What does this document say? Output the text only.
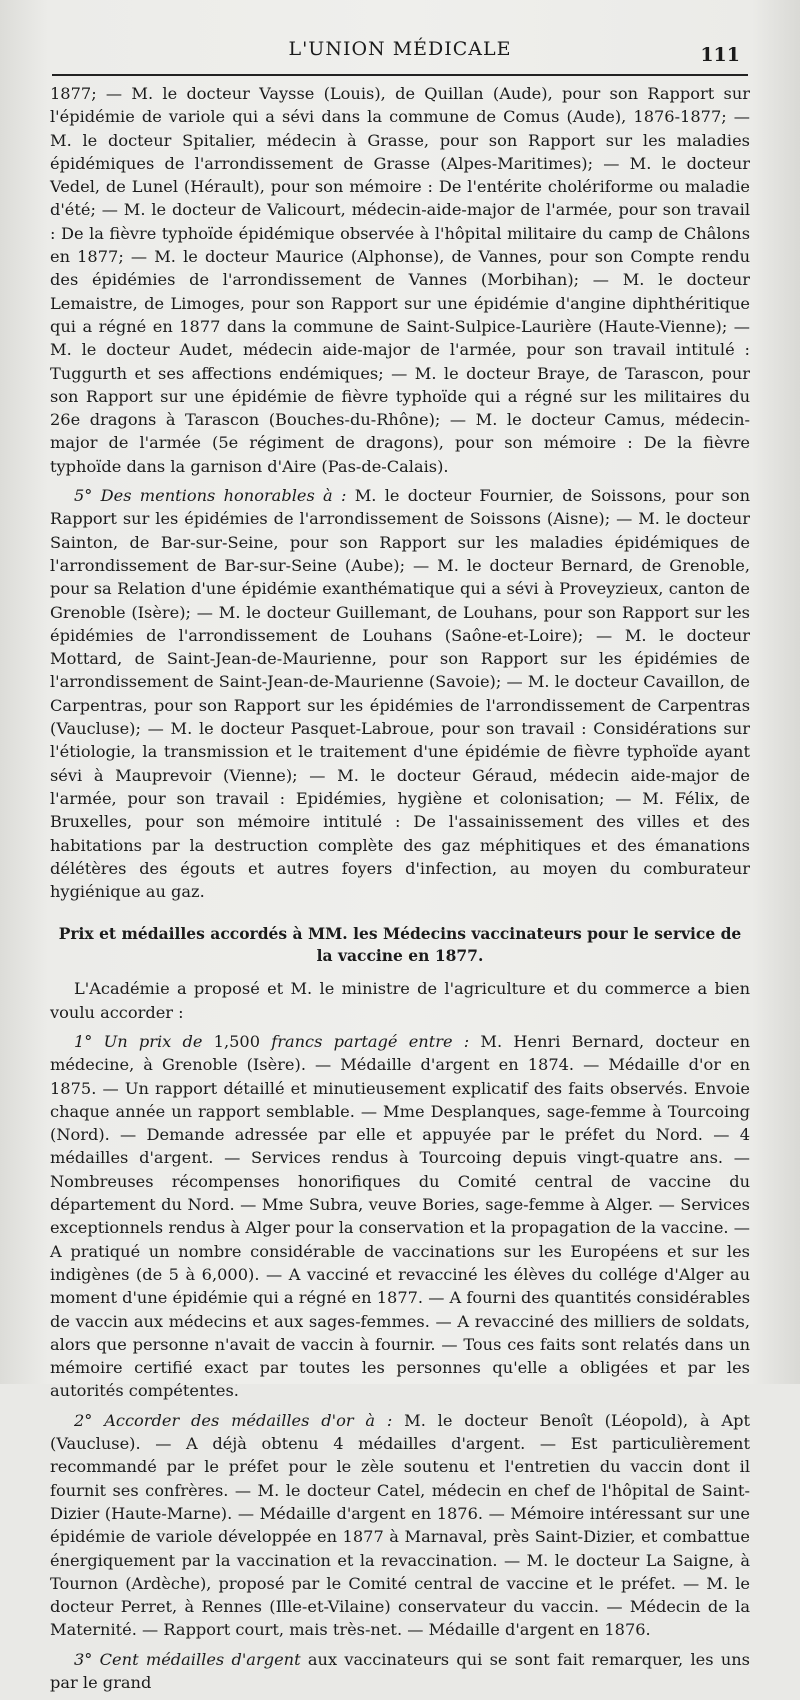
L'UNION MÉDICALE	111

1877; — M. le docteur Vaysse (Louis), de Quillan (Aude), pour son Rapport sur l'épidémie de variole qui a sévi dans la commune de Comus (Aude), 1876-1877; — M. le docteur Spitalier, médecin à Grasse, pour son Rapport sur les maladies épidémiques de l'arrondissement de Grasse (Alpes-Maritimes); — M. le docteur Vedel, de Lunel (Hérault), pour son mémoire : De l'entérite cholériforme ou maladie d'été; — M. le docteur de Valicourt, médecin-aide-major de l'armée, pour son travail : De la fièvre typhoïde épidémique observée à l'hôpital militaire du camp de Châlons en 1877; — M. le docteur Maurice (Alphonse), de Vannes, pour son Compte rendu des épidémies de l'arrondissement de Vannes (Morbihan); — M. le docteur Lemaistre, de Limoges, pour son Rapport sur une épidémie d'angine diphthéritique qui a régné en 1877 dans la commune de Saint-Sulpice-Laurière (Haute-Vienne); — M. le docteur Audet, médecin aide-major de l'armée, pour son travail intitulé : Tuggurth et ses affections endémiques; — M. le docteur Braye, de Tarascon, pour son Rapport sur une épidémie de fièvre typhoïde qui a régné sur les militaires du 26e dragons à Tarascon (Bouches-du-Rhône); — M. le docteur Camus, médecin-major de l'armée (5e régiment de dragons), pour son mémoire : De la fièvre typhoïde dans la garnison d'Aire (Pas-de-Calais).

5° Des mentions honorables à : M. le docteur Fournier, de Soissons, pour son Rapport sur les épidémies de l'arrondissement de Soissons (Aisne); — M. le docteur Sainton, de Bar-sur-Seine, pour son Rapport sur les maladies épidémiques de l'arrondissement de Bar-sur-Seine (Aube); — M. le docteur Bernard, de Grenoble, pour sa Relation d'une épidémie exanthématique qui a sévi à Proveyzieux, canton de Grenoble (Isère); — M. le docteur Guillemant, de Louhans, pour son Rapport sur les épidémies de l'arrondissement de Louhans (Saône-et-Loire); — M. le docteur Mottard, de Saint-Jean-de-Maurienne, pour son Rapport sur les épidémies de l'arrondissement de Saint-Jean-de-Maurienne (Savoie); — M. le docteur Cavaillon, de Carpentras, pour son Rapport sur les épidémies de l'arrondissement de Carpentras (Vaucluse); — M. le docteur Pasquet-Labroue, pour son travail : Considérations sur l'étiologie, la transmission et le traitement d'une épidémie de fièvre typhoïde ayant sévi à Mauprevoir (Vienne); — M. le docteur Géraud, médecin aide-major de l'armée, pour son travail : Epidémies, hygiène et colonisation; — M. Félix, de Bruxelles, pour son mémoire intitulé : De l'assainissement des villes et des habitations par la destruction complète des gaz méphitiques et des émanations délétères des égouts et autres foyers d'infection, au moyen du comburateur hygiénique au gaz.

Prix et médailles accordés à MM. les Médecins vaccinateurs pour le service de la vaccine en 1877.

L'Académie a proposé et M. le ministre de l'agriculture et du commerce a bien voulu accorder :

1° Un prix de 1,500 francs partagé entre : M. Henri Bernard, docteur en médecine, à Grenoble (Isère). — Médaille d'argent en 1874. — Médaille d'or en 1875. — Un rapport détaillé et minutieusement explicatif des faits observés. Envoie chaque année un rapport semblable. — Mme Desplanques, sage-femme à Tourcoing (Nord). — Demande adressée par elle et appuyée par le préfet du Nord. — 4 médailles d'argent. — Services rendus à Tourcoing depuis vingt-quatre ans. — Nombreuses récompenses honorifiques du Comité central de vaccine du département du Nord. — Mme Subra, veuve Bories, sage-femme à Alger. — Services exceptionnels rendus à Alger pour la conservation et la propagation de la vaccine. — A pratiqué un nombre considérable de vaccinations sur les Européens et sur les indigènes (de 5 à 6,000). — A vacciné et revacciné les élèves du collége d'Alger au moment d'une épidémie qui a régné en 1877. — A fourni des quantités considérables de vaccin aux médecins et aux sages-femmes. — A revacciné des milliers de soldats, alors que personne n'avait de vaccin à fournir. — Tous ces faits sont relatés dans un mémoire certifié exact par toutes les personnes qu'elle a obligées et par les autorités compétentes.

2° Accorder des médailles d'or à : M. le docteur Benoît (Léopold), à Apt (Vaucluse). — A déjà obtenu 4 médailles d'argent. — Est particulièrement recommandé par le préfet pour le zèle soutenu et l'entretien du vaccin dont il fournit ses confrères. — M. le docteur Catel, médecin en chef de l'hôpital de Saint-Dizier (Haute-Marne). — Médaille d'argent en 1876. — Mémoire intéressant sur une épidémie de variole développée en 1877 à Marnaval, près Saint-Dizier, et combattue énergiquement par la vaccination et la revaccination. — M. le docteur La Saigne, à Tournon (Ardèche), proposé par le Comité central de vaccine et le préfet. — M. le docteur Perret, à Rennes (Ille-et-Vilaine) conservateur du vaccin. — Médecin de la Maternité. — Rapport court, mais très-net. — Médaille d'argent en 1876.

3° Cent médailles d'argent aux vaccinateurs qui se sont fait remarquer, les uns par le grand
